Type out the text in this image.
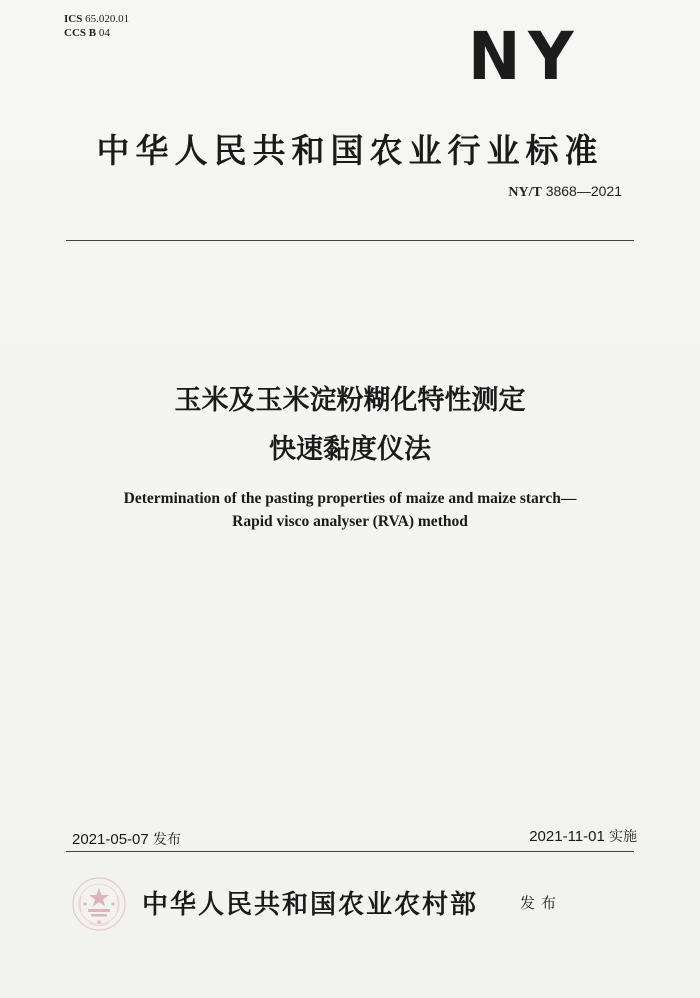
ICS 65.020.01
CCS B 04	NY
中华人民共和国农业行业标准
NY/T 3868—2021
玉米及玉米淀粉糊化特性测定
快速黏度仪法
Determination of the pasting properties of maize and maize starch—
Rapid visco analyser (RVA) method
2021-05-07 发布	2021-11-01 实施
中华人民共和国农业农村部	发布
